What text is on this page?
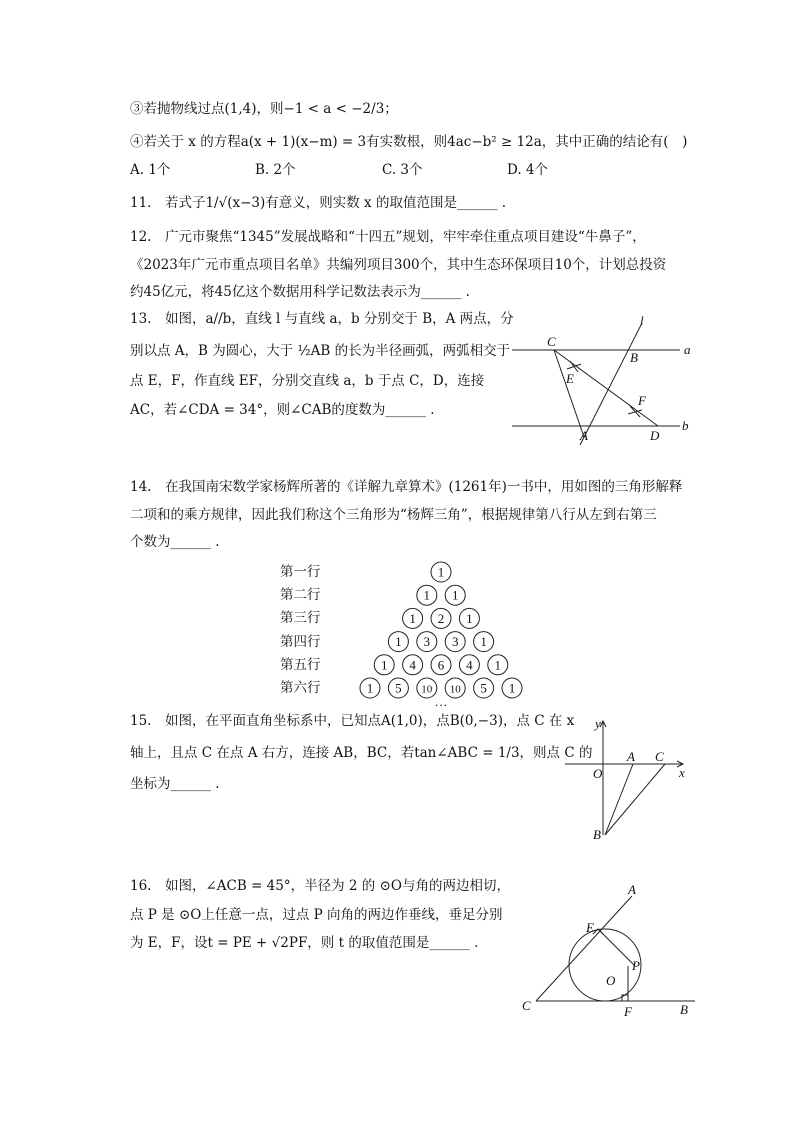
③若抛物线过点(1,4)，则−1 < a < −2/3；
④若关于 x 的方程a(x + 1)(x−m) = 3有实数根，则4ac−b² ≥ 12a，其中正确的结论有(　)
A. 1个	B. 2个	C. 3个	D. 4个
11.　若式子1/√(x−3)有意义，则实数 x 的取值范围是______ .
12.　广元市聚焦“1345”发展战略和“十四五”规划，牢牢牵住重点项目建设“牛鼻子”，
《2023年广元市重点项目名单》共编列项目300个，其中生态环保项目10个，计划总投资
约45亿元，将45亿这个数据用科学记数法表示为______ .
13.　如图，a//b，直线 l 与直线 a，b 分别交于 B，A 两点，分
别以点 A，B 为圆心，大于 ½AB 的长为半径画弧，两弧相交于
点 E，F，作直线 EF，分别交直线 a，b 于点 C，D，连接
AC，若∠CDA = 34°，则∠CAB的度数为______ .
C
B
a
l
E
F
A	D
b
14.　在我国南宋数学家杨辉所著的《详解九章算术》(1261年)一书中，用如图的三角形解释
二项和的乘方规律，因此我们称这个三角形为“杨辉三角”，根据规律第八行从左到右第三
个数为______ .
第一行
第二行
第三行
第四行
第五行
第六行
1
1 1
1 2 1
1 3 3 1
1 4 6 4 1
1 5 10 10 5 1
…
15.　如图，在平面直角坐标系中，已知点A(1,0)，点B(0,−3)，点 C 在 x
轴上，且点 C 在点 A 右方，连接 AB，BC，若tan∠ABC = 1/3，则点 C 的
坐标为______ .
y
x
O
A C
B
16.　如图，∠ACB = 45°，半径为 2 的 ⊙O与角的两边相切，
点 P 是 ⊙O上任意一点，过点 P 向角的两边作垂线，垂足分别
为 E，F，设t = PE + √2PF，则 t 的取值范围是______ .
A
E
P
O
C	F	B
